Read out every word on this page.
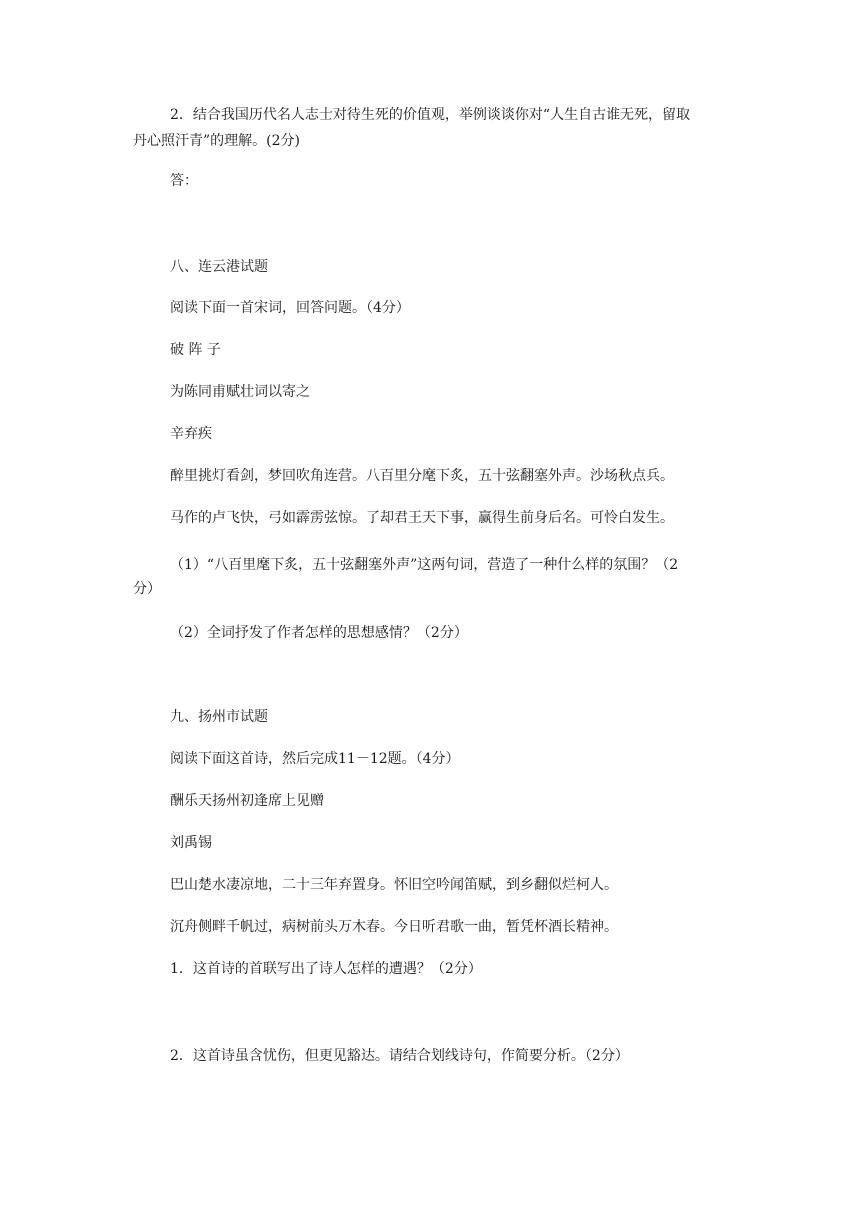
2．结合我国历代名人志士对待生死的价值观，举例谈谈你对“人生自古谁无死，留取

丹心照汗青”的理解。(2分)

答：

八、连云港试题

阅读下面一首宋词，回答问题。（4分）

破 阵 子

为陈同甫赋壮词以寄之

辛弃疾

醉里挑灯看剑，梦回吹角连营。八百里分麾下炙，五十弦翻塞外声。沙场秋点兵。

马作的卢飞快，弓如霹雳弦惊。了却君王天下事，赢得生前身后名。可怜白发生。

（1）“八百里麾下炙，五十弦翻塞外声”这两句词，营造了一种什么样的氛围？（2

分）

（2）全词抒发了作者怎样的思想感情？（2分）

九、扬州市试题

阅读下面这首诗，然后完成11－12题。（4分）

酬乐天扬州初逢席上见赠

刘禹锡

巴山楚水凄凉地，二十三年弃置身。怀旧空吟闻笛赋，到乡翻似烂柯人。

沉舟侧畔千帆过，病树前头万木春。今日听君歌一曲，暂凭杯酒长精神。

1．这首诗的首联写出了诗人怎样的遭遇？（2分）

2．这首诗虽含忧伤，但更见豁达。请结合划线诗句，作简要分析。（2分）
